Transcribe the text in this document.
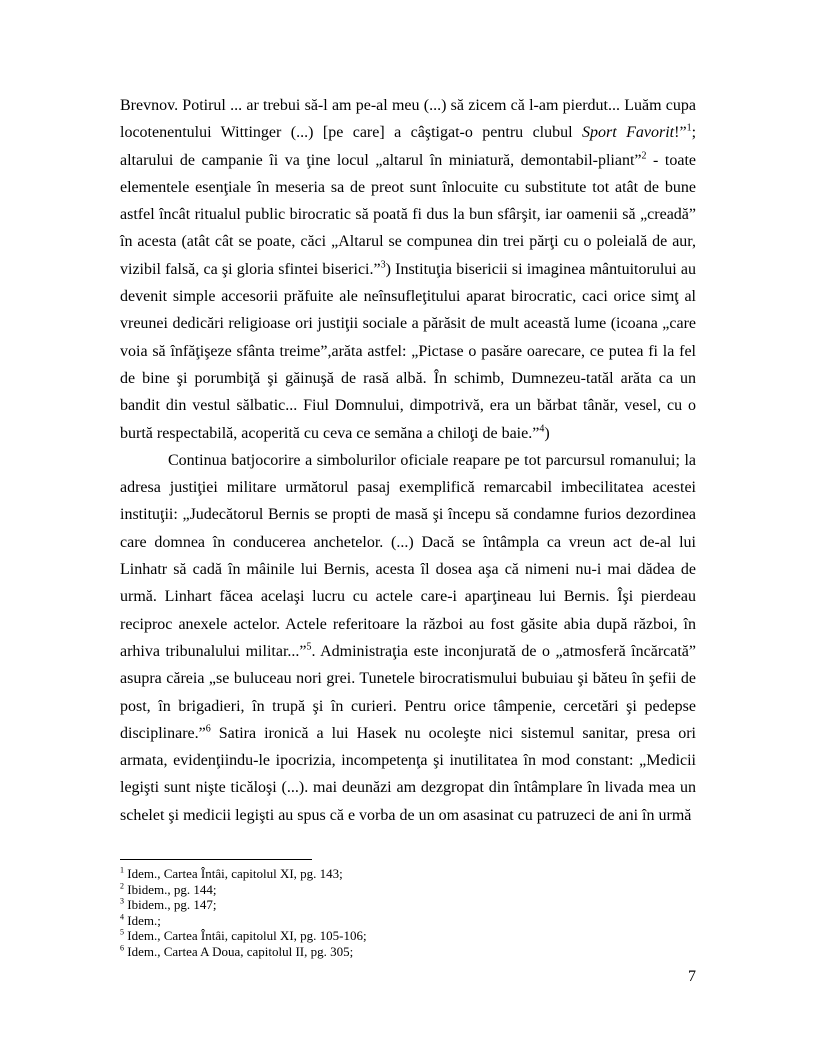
Brevnov. Potirul ... ar trebui să-l am pe-al meu (...) să zicem că l-am pierdut... Luăm cupa locotenentului Wittinger (...) [pe care] a câştigat-o pentru clubul Sport Favorit!”$^1$; altarului de campanie îi va ţine locul „altarul în miniatură, demontabil-pliant”$^2$ - toate elementele esenţiale în meseria sa de preot sunt înlocuite cu substitute tot atât de bune astfel încât ritualul public birocratic să poată fi dus la bun sfârşit, iar oamenii să „creadă” în acesta (atât cât se poate, căci „Altarul se compunea din trei părţi cu o poleială de aur, vizibil falsă, ca şi gloria sfintei biserici.”$^3$) Instituţia bisericii si imaginea mântuitorului au devenit simple accesorii prăfuite ale neînsufleţitului aparat birocratic, caci orice simţ al vreunei dedicări religioase ori justiţii sociale a părăsit de mult această lume (icoana „care voia să înfăţişeze sfânta treime”,arăta astfel: „Pictase o pasăre oarecare, ce putea fi la fel de bine şi porumbiţă şi găinuşă de rasă albă. În schimb, Dumnezeu-tatăl arăta ca un bandit din vestul sălbatic... Fiul Domnului, dimpotrivă, era un bărbat tânăr, vesel, cu o burtă respectabilă, acoperită cu ceva ce semăna a chiloţi de baie.”$^4$)

Continua batjocorire a simbolurilor oficiale reapare pe tot parcursul romanului; la adresa justiţiei militare următorul pasaj exemplifică remarcabil imbecilitatea acestei instituţii: „Judecătorul Bernis se propti de masă şi începu să condamne furios dezordinea care domnea în conducerea anchetelor. (...) Dacă se întâmpla ca vreun act de-al lui Linhatr să cadă în mâinile lui Bernis, acesta îl dosea aşa că nimeni nu-i mai dădea de urmă. Linhart făcea acelaşi lucru cu actele care-i aparţineau lui Bernis. Îşi pierdeau reciproc anexele actelor. Actele referitoare la război au fost găsite abia după război, în arhiva tribunalului militar...”$^5$. Administraţia este inconjurată de o „atmosferă încărcată” asupra căreia „se buluceau nori grei. Tunetele birocratismului bubuiau şi băteu în şefii de post, în brigadieri, în trupă şi în curieri. Pentru orice tâmpenie, cercetări şi pedepse disciplinare.”$^6$ Satira ironică a lui Hasek nu ocoleşte nici sistemul sanitar, presa ori armata, evidenţiindu-le ipocrizia, incompetenţa şi inutilitatea în mod constant: „Medicii legişti sunt nişte ticăloşi (...). mai deunăzi am dezgropat din întâmplare în livada mea un schelet şi medicii legişti au spus că e vorba de un om asasinat cu patruzeci de ani în urmă

$^1$ Idem., Cartea Întâi, capitolul XI, pg. 143;
$^2$ Ibidem., pg. 144;
$^3$ Ibidem., pg. 147;
$^4$ Idem.;
$^5$ Idem., Cartea Întâi, capitolul XI, pg. 105-106;
$^6$ Idem., Cartea A Doua, capitolul II, pg. 305;
7
